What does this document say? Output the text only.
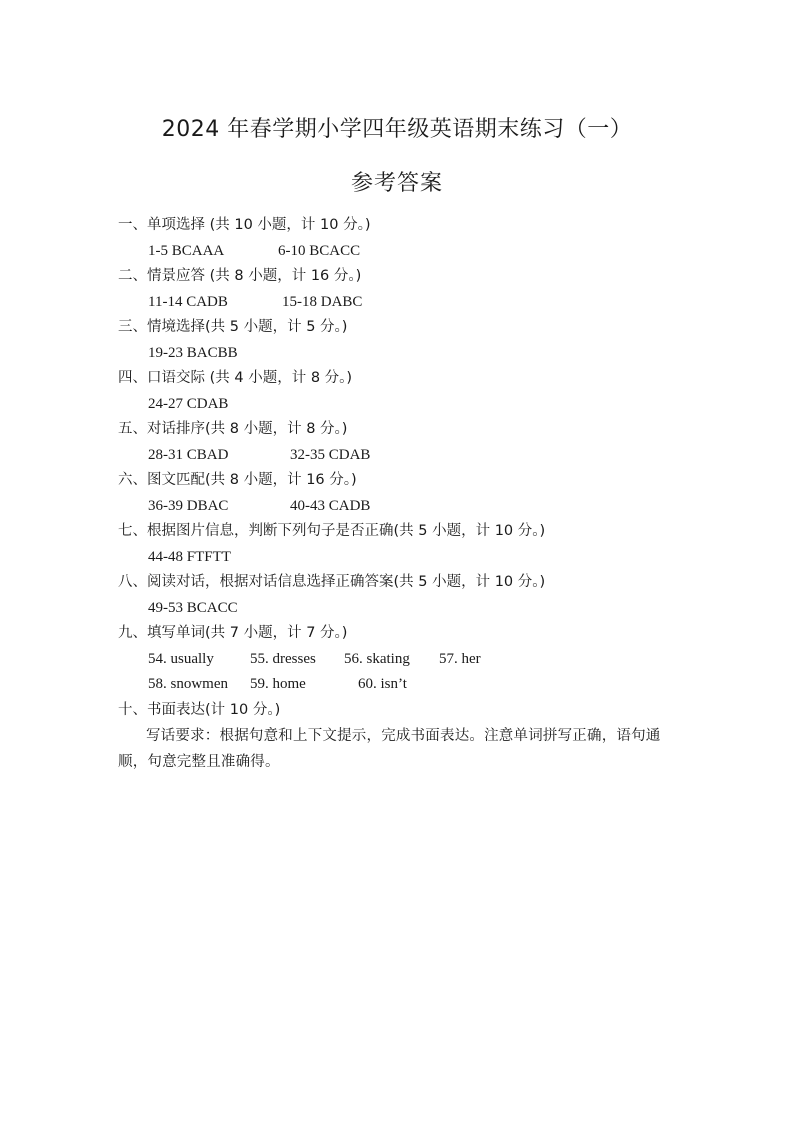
2024 年春学期小学四年级英语期末练习（一）
参考答案
一、单项选择 (共 10 小题，计 10 分。)
1-5 BCAAA	6-10 BCACC
二、情景应答 (共 8 小题，计 16 分。)
11-14 CADB	15-18 DABC
三、情境选择(共 5 小题，计 5 分。)
19-23 BACBB
四、口语交际 (共 4 小题，计 8 分。)
24-27 CDAB
五、对话排序(共 8 小题，计 8 分。)
28-31 CBAD	32-35 CDAB
六、图文匹配(共 8 小题，计 16 分。)
36-39 DBAC	40-43 CADB
七、根据图片信息，判断下列句子是否正确(共 5 小题，计 10 分。)
44-48 FTFTT
八、阅读对话，根据对话信息选择正确答案(共 5 小题，计 10 分。)
49-53 BCACC
九、填写单词(共 7 小题，计 7 分。)
54. usually 55. dresses 56. skating 57. her
58. snowmen 59. home	60. isn’t
十、书面表达(计 10 分。)
写话要求：根据句意和上下文提示，完成书面表达。注意单词拼写正确，语句通顺，句意完整且准确得。
